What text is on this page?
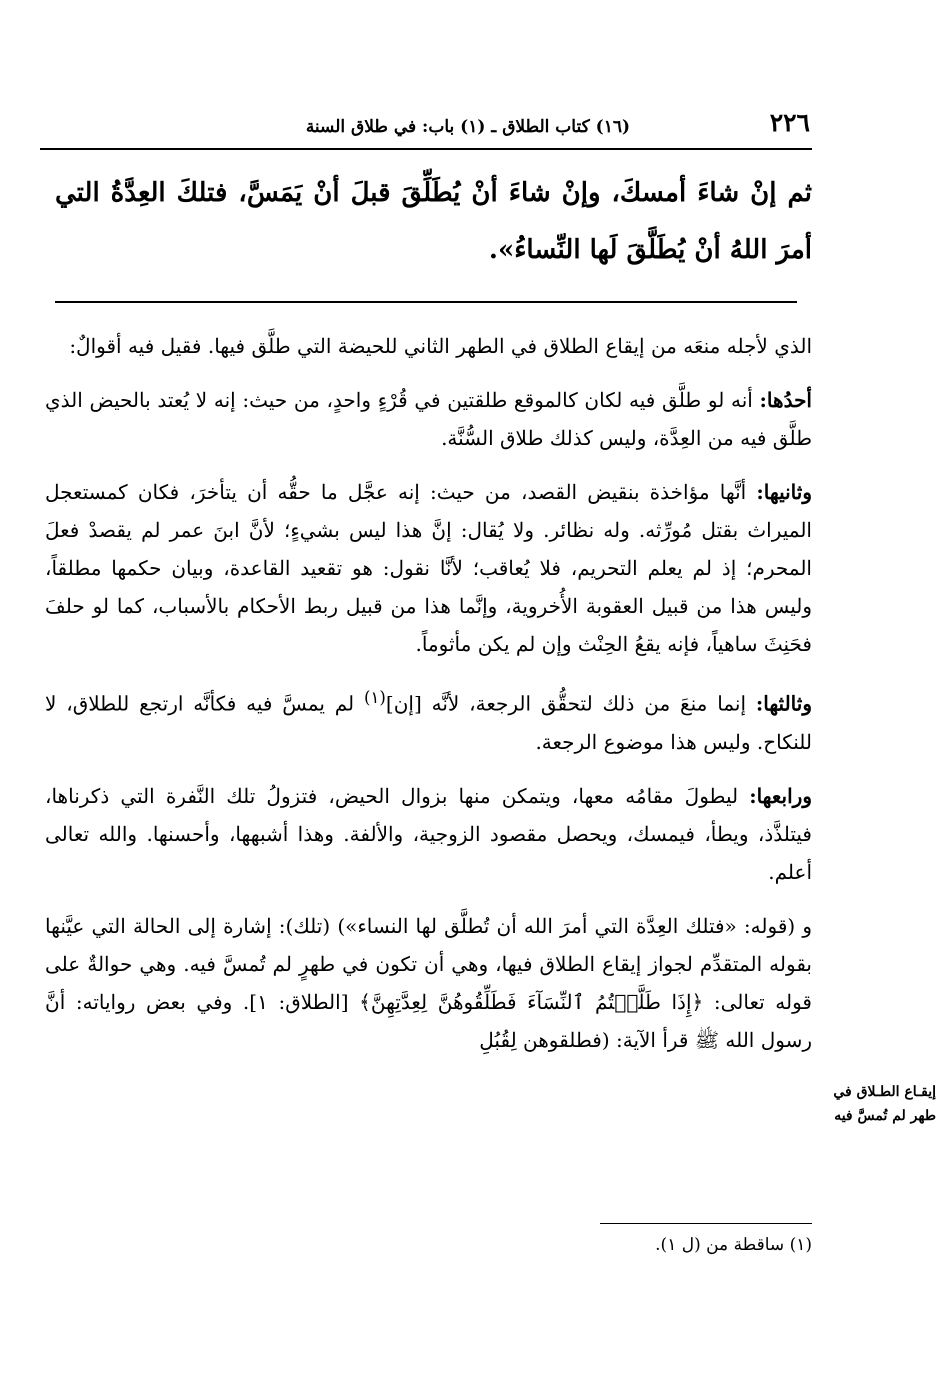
٢٢٦
(١٦) كتاب الطلاق ـ (١) باب: في طلاق السنة
ثم إنْ شاءَ أمسكَ، وإنْ شاءَ أنْ يُطَلِّقَ قبلَ أنْ يَمَسَّ، فتلكَ العِدَّةُ التي أمرَ اللهُ أنْ يُطَلَّقَ لَها النِّساءُ».

الذي لأجله منعَه من إيقاع الطلاق في الطهر الثاني للحيضة التي طلَّق فيها. فقيل فيه أقوالٌ:

أحدُها: أنه لو طلَّق فيه لكان كالموقع طلقتين في قُرْءٍ واحدٍ، من حيث: إنه لا يُعتد بالحيض الذي طلَّق فيه من العِدَّة، وليس كذلك طلاق السُّنَّة.

وثانيها: أنَّها مؤاخذة بنقيض القصد، من حيث: إنه عجَّل ما حقُّه أن يتأخرَ، فكان كمستعجل الميراث بقتل مُورِّثه. وله نظائر. ولا يُقال: إنَّ هذا ليس بشيءٍ؛ لأنَّ ابنَ عمر لم يقصدْ فعلَ المحرم؛ إذ لم يعلم التحريم، فلا يُعاقب؛ لأنَّا نقول: هو تقعيد القاعدة، وبيان حكمها مطلقاً، وليس هذا من قبيل العقوبة الأُخروية، وإنَّما هذا من قبيل ربط الأحكام بالأسباب، كما لو حلفَ فحَنِثَ ساهياً، فإنه يقعُ الحِنْث وإن لم يكن مأثوماً.

وثالثها: إنما منعَ من ذلك لتحقُّق الرجعة، لأنَّه [إن]$^{(١)}$ لم يمسَّ فيه فكأنَّه ارتجع للطلاق، لا للنكاح. وليس هذا موضوع الرجعة.

ورابعها: ليطولَ مقامُه معها، ويتمكن منها بزوال الحيض، فتزولُ تلك النَّفرة التي ذكرناها، فيتلذَّذ، ويطأ، فيمسك، ويحصل مقصود الزوجية، والألفة. وهذا أشبهها، وأحسنها. والله تعالى أعلم.

و (قوله: «فتلك العِدَّة التي أمرَ الله أن تُطلَّق لها النساء») (تلك): إشارة إلى الحالة التي عيَّنها بقوله المتقدِّم لجواز إيقاع الطلاق فيها، وهي أن تكون في طهرٍ لم تُمسَّ فيه. وهي حوالةٌ على قوله تعالى: ﴿إِذَا طَلَّقۡتُمُ ٱلنِّسَآءَ فَطَلِّقُوهُنَّ لِعِدَّتِهِنَّ﴾ [الطلاق: ١]. وفي بعض رواياته: أنَّ رسول الله ﷺ قرأ الآية: (فطلقوهن لِقُبُلِ

إيقـاع الطـلاق في طهر لم تُمسَّ فيه
(١) ساقطة من (ل ١).
